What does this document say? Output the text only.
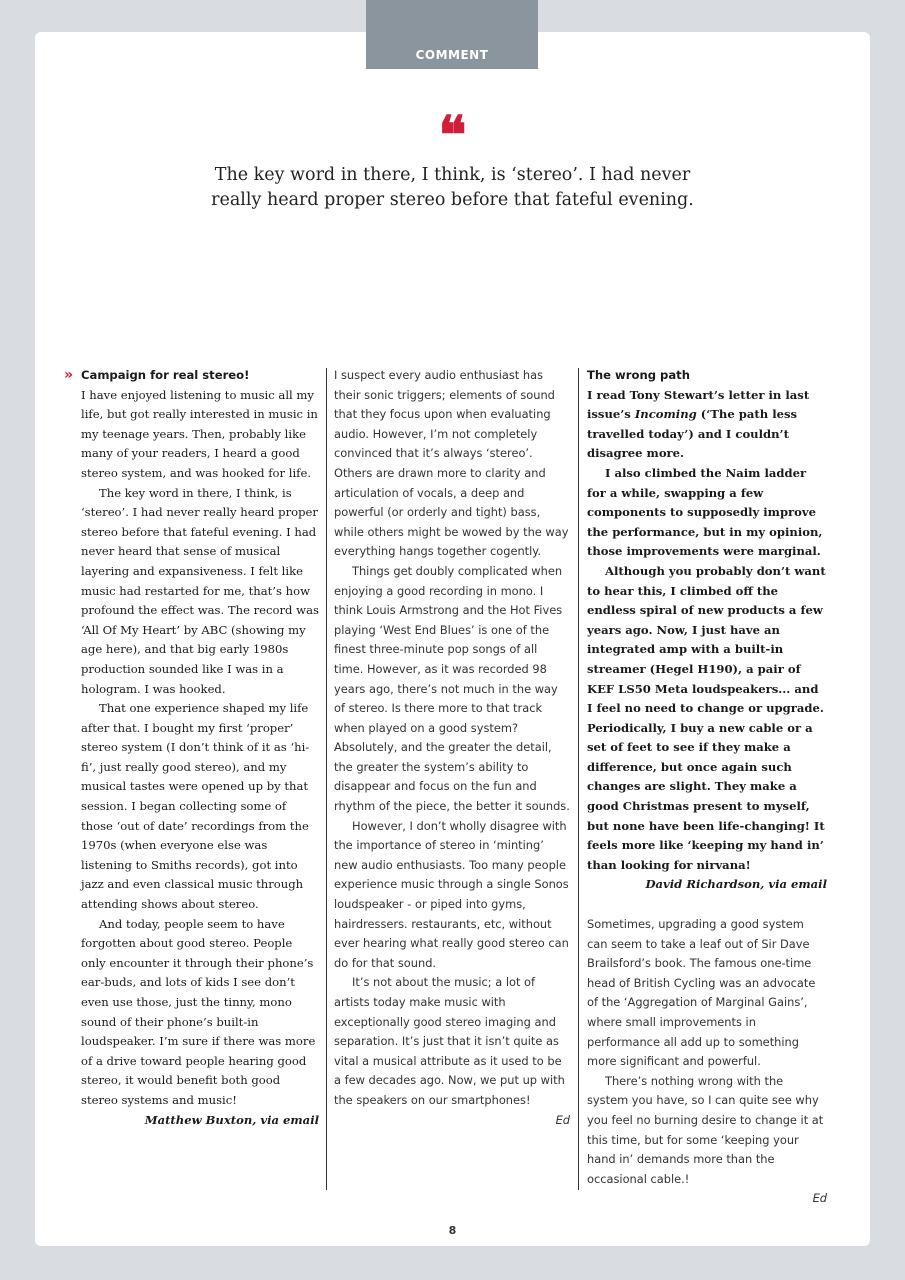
COMMENT
❝
The key word in there, I think, is ‘stereo’. I had never really heard proper stereo before that fateful evening.
» Campaign for real stereo!

I have enjoyed listening to music all my life, but got really interested in music in my teenage years. Then, probably like many of your readers, I heard a good stereo system, and was hooked for life.

The key word in there, I think, is ‘stereo’. I had never really heard proper stereo before that fateful evening. I had never heard that sense of musical layering and expansiveness. I felt like music had restarted for me, that’s how profound the effect was. The record was ‘All Of My Heart’ by ABC (showing my age here), and that big early 1980s production sounded like I was in a hologram. I was hooked.

That one experience shaped my life after that. I bought my first ‘proper’ stereo system (I don’t think of it as ‘hi-fi’, just really good stereo), and my musical tastes were opened up by that session. I began collecting some of those ‘out of date’ recordings from the 1970s (when everyone else was listening to Smiths records), got into jazz and even classical music through attending shows about stereo.

And today, people seem to have forgotten about good stereo. People only encounter it through their phone’s ear-buds, and lots of kids I see don’t even use those, just the tinny, mono sound of their phone’s built-in loudspeaker. I’m sure if there was more of a drive toward people hearing good stereo, it would benefit both good stereo systems and music!

Matthew Buxton, via email

I suspect every audio enthusiast has their sonic triggers; elements of sound that they focus upon when evaluating audio. However, I’m not completely convinced that it’s always ‘stereo’. Others are drawn more to clarity and articulation of vocals, a deep and powerful (or orderly and tight) bass, while others might be wowed by the way everything hangs together cogently.

Things get doubly complicated when enjoying a good recording in mono. I think Louis Armstrong and the Hot Fives playing ‘West End Blues’ is one of the finest three-minute pop songs of all time. However, as it was recorded 98 years ago, there’s not much in the way of stereo. Is there more to that track when played on a good system? Absolutely, and the greater the detail, the greater the system’s ability to disappear and focus on the fun and rhythm of the piece, the better it sounds.

However, I don’t wholly disagree with the importance of stereo in ‘minting’ new audio enthusiasts. Too many people experience music through a single Sonos loudspeaker - or piped into gyms, hairdressers. restaurants, etc, without ever hearing what really good stereo can do for that sound.

It’s not about the music; a lot of artists today make music with exceptionally good stereo imaging and separation. It’s just that it isn’t quite as vital a musical attribute as it used to be a few decades ago. Now, we put up with the speakers on our smartphones!

Ed

The wrong path

I read Tony Stewart’s letter in last issue’s Incoming (‘The path less travelled today’) and I couldn’t disagree more.

I also climbed the Naim ladder for a while, swapping a few components to supposedly improve the performance, but in my opinion, those improvements were marginal.

Although you probably don’t want to hear this, I climbed off the endless spiral of new products a few years ago. Now, I just have an integrated amp with a built-in streamer (Hegel H190), a pair of KEF LS50 Meta loudspeakers... and I feel no need to change or upgrade. Periodically, I buy a new cable or a set of feet to see if they make a difference, but once again such changes are slight. They make a good Christmas present to myself, but none have been life-changing! It feels more like ‘keeping my hand in’ than looking for nirvana!

David Richardson, via email

Sometimes, upgrading a good system can seem to take a leaf out of Sir Dave Brailsford’s book. The famous one-time head of British Cycling was an advocate of the ‘Aggregation of Marginal Gains’, where small improvements in performance all add up to something more significant and powerful.

There’s nothing wrong with the system you have, so I can quite see why you feel no burning desire to change it at this time, but for some ‘keeping your hand in’ demands more than the occasional cable.!

Ed

8
